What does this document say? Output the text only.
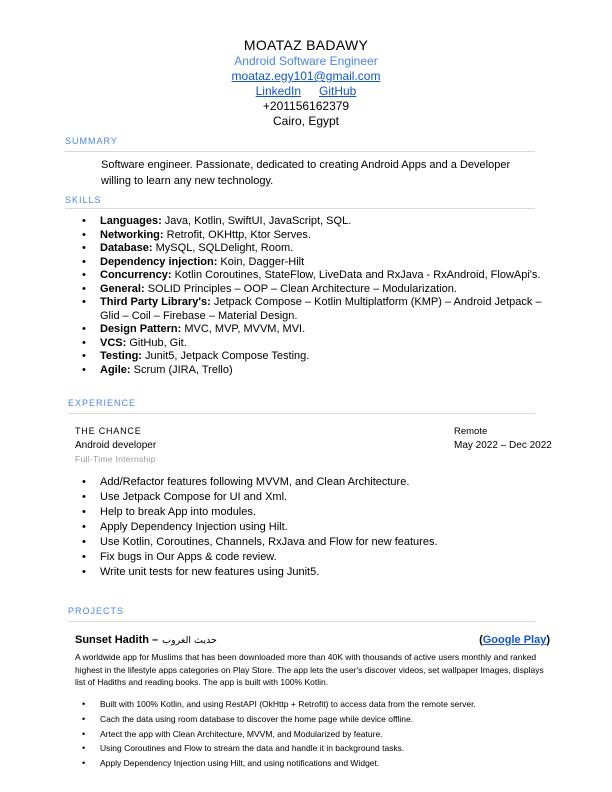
MOATAZ BADAWY
Android Software Engineer
moataz.egy101@gmail.com
LinkedIn GitHub
+201156162379
Cairo, Egypt
SUMMARY
Software engineer. Passionate, dedicated to creating Android Apps and a Developer willing to learn any new technology.
SKILLS
• Languages: Java, Kotlin, SwiftUI, JavaScript, SQL.
• Networking: Retrofit, OKHttp, Ktor Serves.
• Database: MySQL, SQLDelight, Room.
• Dependency injection: Koin, Dagger-Hilt
• Concurrency: Kotlin Coroutines, StateFlow, LiveData and RxJava - RxAndroid, FlowApi's.
• General: SOLID Principles – OOP – Clean Architecture – Modularization.
• Third Party Library's: Jetpack Compose – Kotlin Multiplatform (KMP) – Android Jetpack – Glid – Coil – Firebase – Material Design.
• Design Pattern: MVC, MVP, MVVM, MVI.
• VCS: GitHub, Git.
• Testing: Junit5, Jetpack Compose Testing.
• Agile: Scrum (JIRA, Trello)
EXPERIENCE
THE CHANCE
Android developer
Full-Time Internship
Remote
May 2022 – Dec 2022
• Add/Refactor features following MVVM, and Clean Architecture.
• Use Jetpack Compose for UI and Xml.
• Help to break App into modules.
• Apply Dependency Injection using Hilt.
• Use Kotlin, Coroutines, Channels, RxJava and Flow for new features.
• Fix bugs in Our Apps & code review.
• Write unit tests for new features using Junit5.
PROJECTS
Sunset Hadith – حديث الغروب	(Google Play)
A worldwide app for Muslims that has been downloaded more than 40K with thousands of active users monthly and ranked highest in the lifestyle apps categories on Play Store. The app lets the user's discover videos, set wallpaper Images, displays list of Hadiths and reading books. The app is built with 100% Kotlin.
• Built with 100% Kotlin, and using RestAPI (OkHttp + Retrofit) to access data from the remote server.
• Cach the data using room database to discover the home page while device offline.
• Artect the app with Clean Architecture, MVVM, and Modularized by feature.
• Using Coroutines and Flow to stream the data and handle it in background tasks.
• Apply Dependency Injection using Hilt, and using notifications and Widget.
